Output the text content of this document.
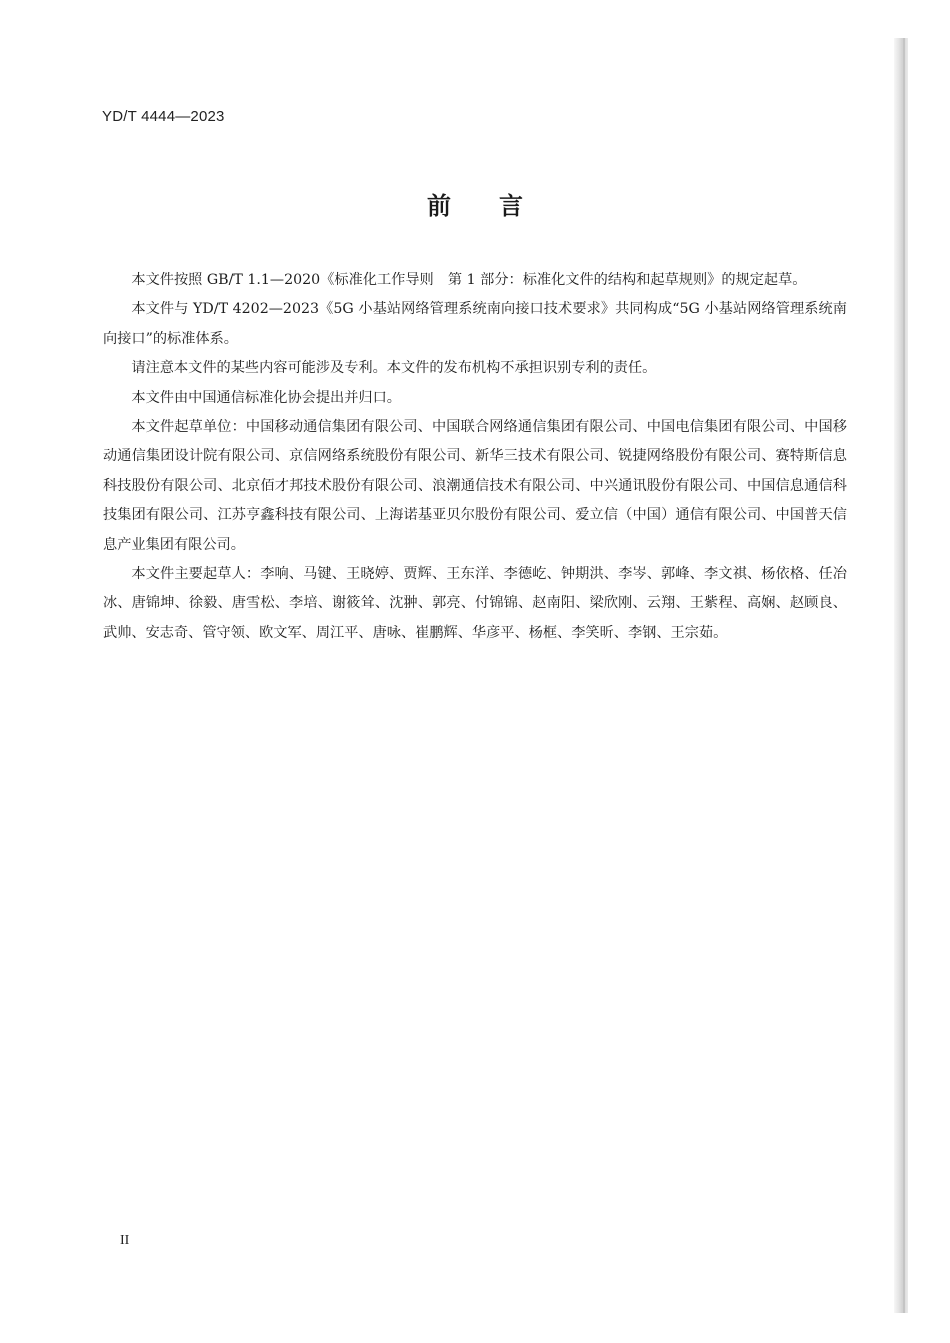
YD/T 4444—2023
前言

本文件按照 GB/T 1.1—2020《标准化工作导则　第 1 部分：标准化文件的结构和起草规则》的规定起草。

本文件与 YD/T 4202—2023《5G 小基站网络管理系统南向接口技术要求》共同构成“5G 小基站网络管理系统南向接口”的标准体系。

请注意本文件的某些内容可能涉及专利。本文件的发布机构不承担识别专利的责任。

本文件由中国通信标准化协会提出并归口。

本文件起草单位：中国移动通信集团有限公司、中国联合网络通信集团有限公司、中国电信集团有限公司、中国移动通信集团设计院有限公司、京信网络系统股份有限公司、新华三技术有限公司、锐捷网络股份有限公司、赛特斯信息科技股份有限公司、北京佰才邦技术股份有限公司、浪潮通信技术有限公司、中兴通讯股份有限公司、中国信息通信科技集团有限公司、江苏亨鑫科技有限公司、上海诺基亚贝尔股份有限公司、爱立信（中国）通信有限公司、中国普天信息产业集团有限公司。

本文件主要起草人：李响、马键、王晓婷、贾辉、王东洋、李德屹、钟期洪、李岑、郭峰、李文祺、杨依格、任冶冰、唐锦坤、徐毅、唐雪松、李培、谢筱耸、沈翀、郭亮、付锦锦、赵南阳、梁欣刚、云翔、王紫程、高娴、赵顾良、武帅、安志奇、管守领、欧文军、周江平、唐咏、崔鹏辉、华彦平、杨框、李笑昕、李钢、王宗茹。

II
